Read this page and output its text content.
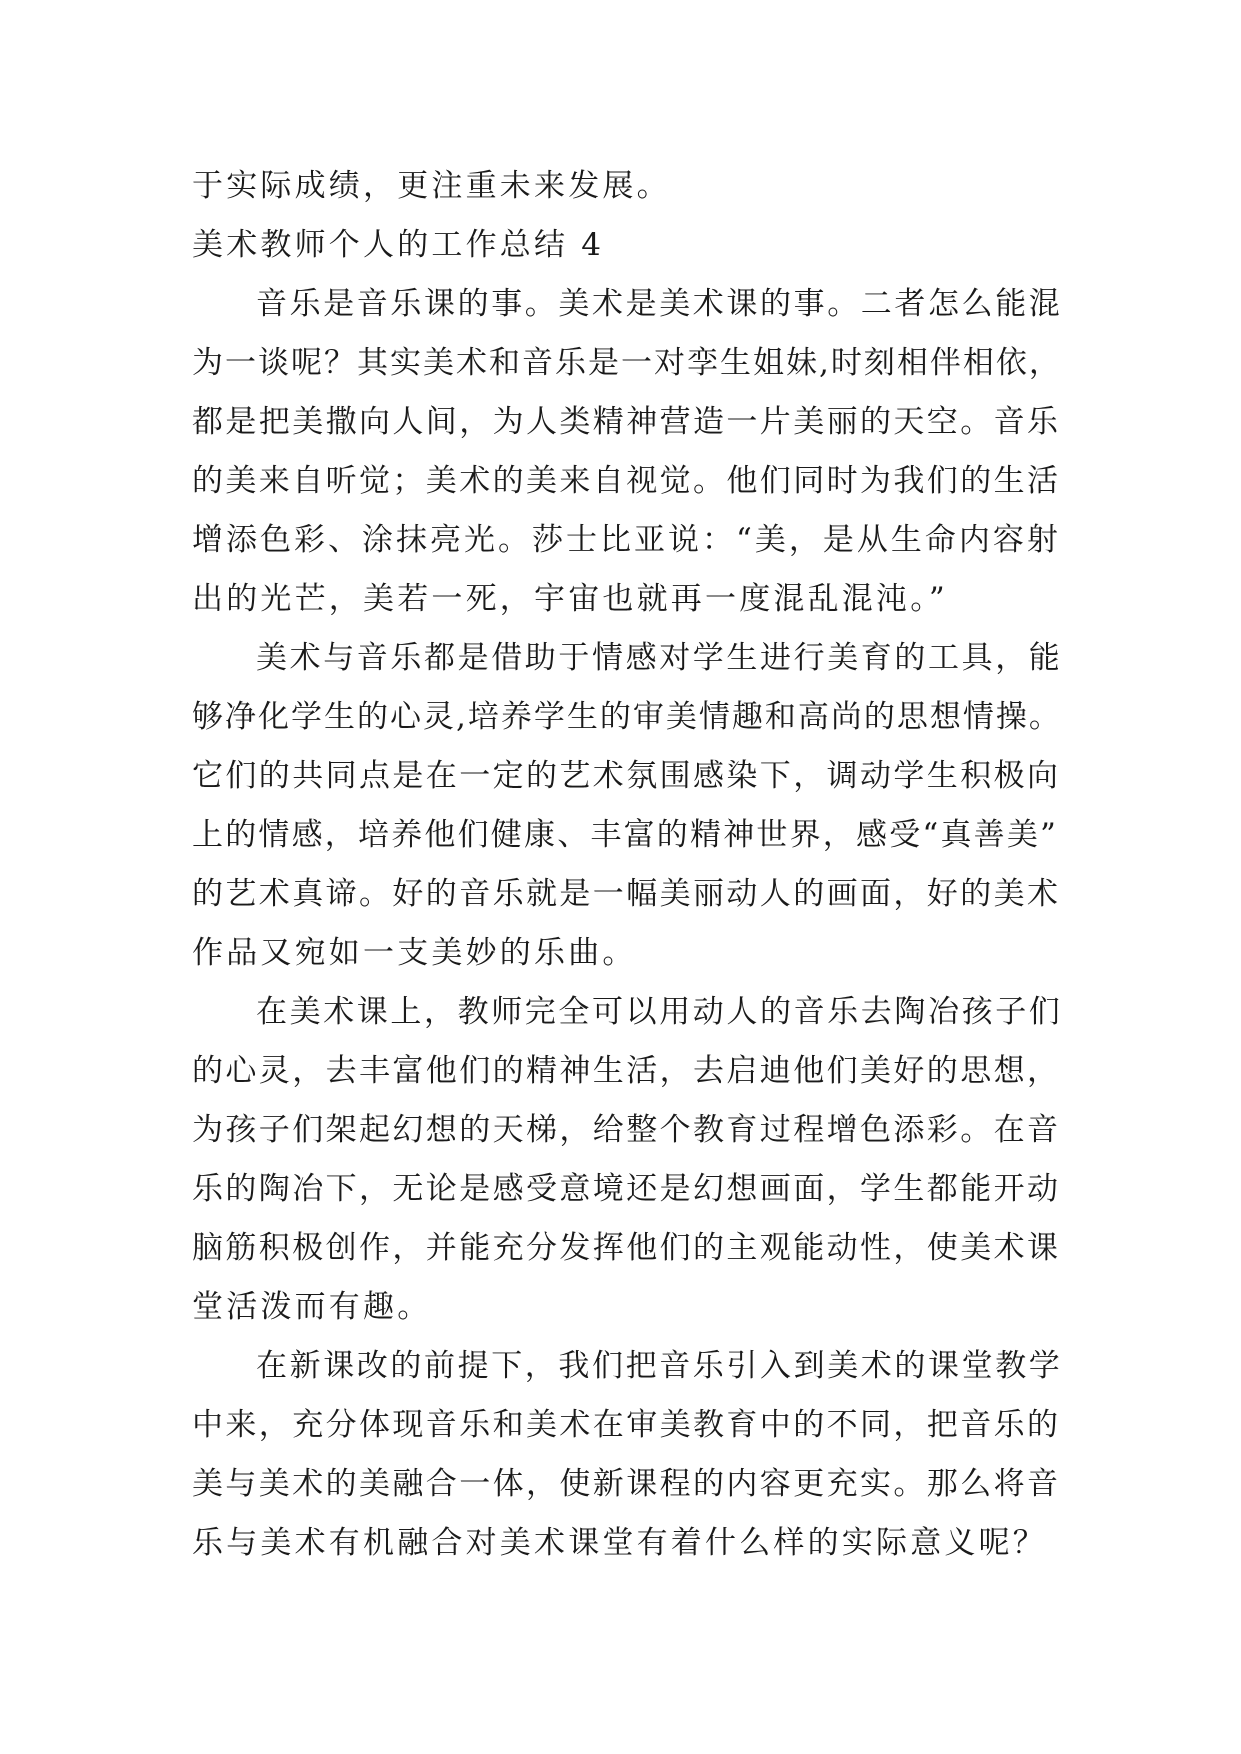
于实际成绩，更注重未来发展。
美术教师个人的工作总结 4
音乐是音乐课的事。美术是美术课的事。二者怎么能混
为一谈呢？其实美术和音乐是一对孪生姐妹,时刻相伴相依，
都是把美撒向人间，为人类精神营造一片美丽的天空。音乐
的美来自听觉；美术的美来自视觉。他们同时为我们的生活
增添色彩、涂抹亮光。莎士比亚说：“美，是从生命内容射
出的光芒，美若一死，宇宙也就再一度混乱混沌。”
美术与音乐都是借助于情感对学生进行美育的工具，能
够净化学生的心灵,培养学生的审美情趣和高尚的思想情操。
它们的共同点是在一定的艺术氛围感染下，调动学生积极向
上的情感，培养他们健康、丰富的精神世界，感受“真善美”
的艺术真谛。好的音乐就是一幅美丽动人的画面，好的美术
作品又宛如一支美妙的乐曲。
在美术课上，教师完全可以用动人的音乐去陶冶孩子们
的心灵，去丰富他们的精神生活，去启迪他们美好的思想，
为孩子们架起幻想的天梯，给整个教育过程增色添彩。在音
乐的陶冶下，无论是感受意境还是幻想画面，学生都能开动
脑筋积极创作，并能充分发挥他们的主观能动性，使美术课
堂活泼而有趣。
在新课改的前提下，我们把音乐引入到美术的课堂教学
中来，充分体现音乐和美术在审美教育中的不同，把音乐的
美与美术的美融合一体，使新课程的内容更充实。那么将音
乐与美术有机融合对美术课堂有着什么样的实际意义呢？
